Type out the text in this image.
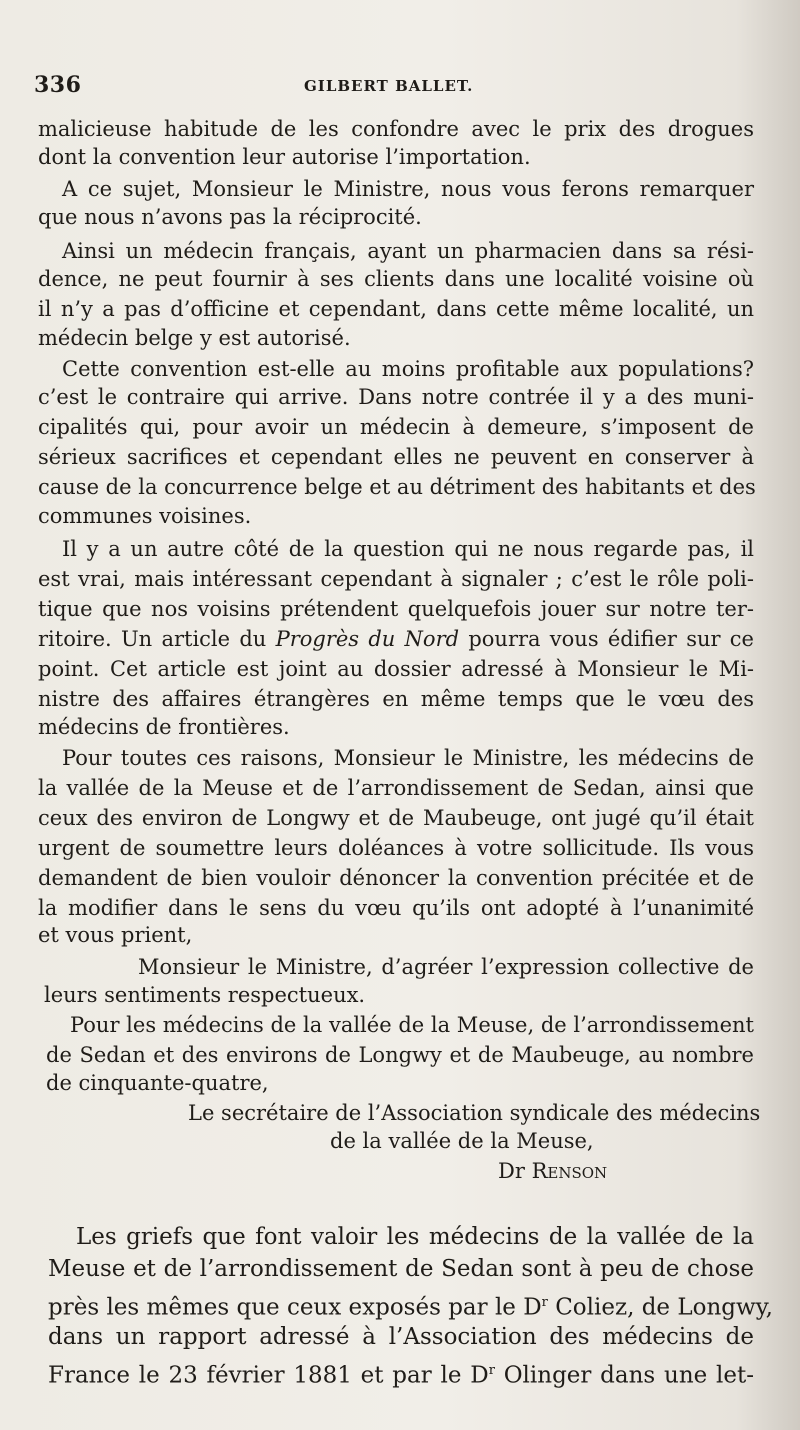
336	GILBERT BALLET.
malicieuse habitude de les confondre avec le prix des drogues
dont la convention leur autorise l’importation.
A ce sujet, Monsieur le Ministre, nous vous ferons remarquer
que nous n’avons pas la réciprocité.
Ainsi un médecin français, ayant un pharmacien dans sa rési-
dence, ne peut fournir à ses clients dans une localité voisine où
il n’y a pas d’officine et cependant, dans cette même localité, un
médecin belge y est autorisé.
Cette convention est-elle au moins profitable aux populations?
c’est le contraire qui arrive. Dans notre contrée il y a des muni-
cipalités qui, pour avoir un médecin à demeure, s’imposent de
sérieux sacrifices et cependant elles ne peuvent en conserver à
cause de la concurrence belge et au détriment des habitants et des
communes voisines.
Il y a un autre côté de la question qui ne nous regarde pas, il
est vrai, mais intéressant cependant à signaler ; c’est le rôle poli-
tique que nos voisins prétendent quelquefois jouer sur notre ter-
ritoire. Un article du Progrès du Nord pourra vous édifier sur ce
point. Cet article est joint au dossier adressé à Monsieur le Mi-
nistre des affaires étrangères en même temps que le vœu des
médecins de frontières.
Pour toutes ces raisons, Monsieur le Ministre, les médecins de
la vallée de la Meuse et de l’arrondissement de Sedan, ainsi que
ceux des environ de Longwy et de Maubeuge, ont jugé qu’il était
urgent de soumettre leurs doléances à votre sollicitude. Ils vous
demandent de bien vouloir dénoncer la convention précitée et de
la modifier dans le sens du vœu qu’ils ont adopté à l’unanimité
et vous prient,
Monsieur le Ministre, d’agréer l’expression collective de
leurs sentiments respectueux.
Pour les médecins de la vallée de la Meuse, de l’arrondissement
de Sedan et des environs de Longwy et de Maubeuge, au nombre
de cinquante-quatre,
Le secrétaire de l’Association syndicale des médecins
de la vallée de la Meuse,
Dr Renson
Les griefs que font valoir les médecins de la vallée de la
Meuse et de l’arrondissement de Sedan sont à peu de chose
près les mêmes que ceux exposés par le $D^r$ Coliez, de Longwy,
dans un rapport adressé à l’Association des médecins de
France le 23 février 1881 et par le $D^r$ Olinger dans une let-
